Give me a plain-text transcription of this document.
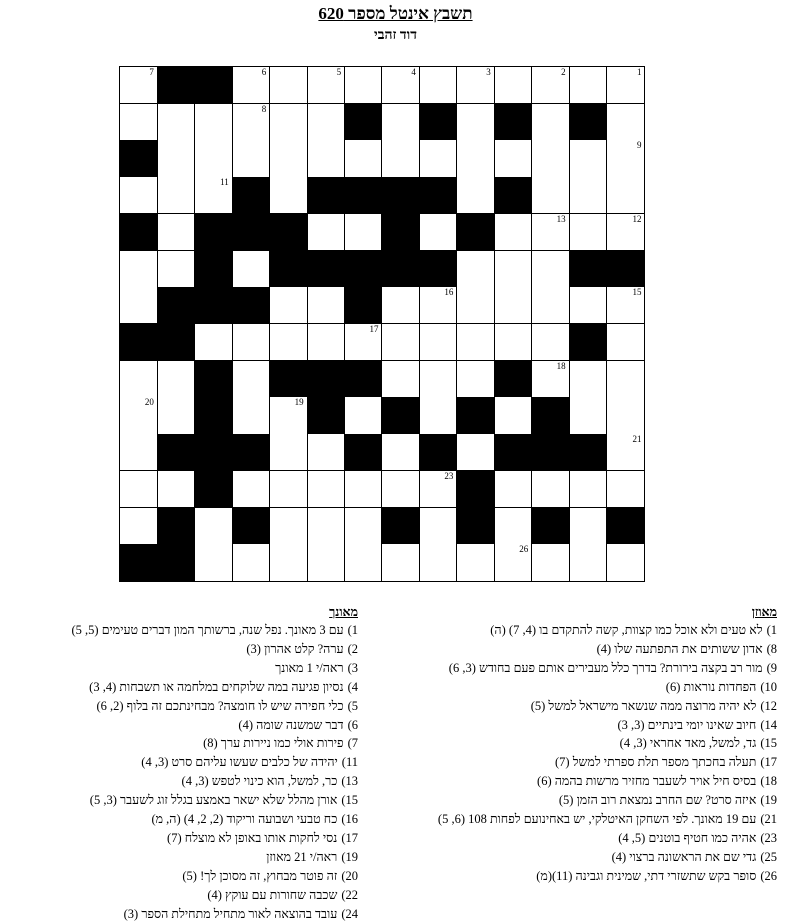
תשבץ אינטל מספר 620
דוד זהבי
1
2
3
4
5
6
7
8
9
11
12
13
15
16
17
18
19
20
21
23
26
מאוזן
1)לא טעים ולא אוכל כמו קצוות, קשה להתקדם בו (4, 7) (ה)
8)אדון ששותים את התפתעה שלו (4)
9)מור רב בקצה בירורת? בדרך כלל מעבירים אותם פעם בחודש (3, 6)
10)הפחדות נוראות (6)
12)לא יהיה מרוצה ממה שנשאר מישראל למשל (5)
14)חיוב שאינו יומי בינתיים (3, 3)
15)גד, למשל, מאד אחראי (3, 4)
17)תעלה בחכתך מספר תלת ספרתי למשל (7)
18)בסיס חיל אויר לשעבר מחזיר מרשות בהמה (6)
19)איזה סרט? שם החרב נמצאת רוב הזמן (5)
21)עם 19 מאונך. לפי השחקן האיטלקי, יש באחינועם לפחות 108 (6, 5)
23)אהיה כמו חטיף בוטנים (5, 4)
25)גדי שם את הראשונה ברצוי (4)
26)סופר בקש שתשזרי דתי, שמינית וגבינה (11)(מ)
מאונך
1)עם 3 מאונך. נפל שנה, ברשותך המון דברים טעימים (5, 5)
2)ערה? קלט אהרון (3)
3)ראה/י 1 מאונך
4)נסיון פגיעה במה שלוקחים במלחמה או תשבחות (4, 3)
5)כלי חפירה שיש לו חומצה? מבחינתכם זה בלוף (2, 6)
6)דבר שמשנה שומה (4)
7)פירות אולי כמו ניירות ערך (8)
11)יהידה של כלבים שעשו עליהם סרט (3, 4)
13)כר, למשל, הוא כינוי לטפש (3, 4)
15)אורן מהלל שלא ישאר באמצע בגלל זוג לשעבר (3, 5)
16)כח טבעי ושבועה וריקוד (2, 2, 4) (ה, מ)
17)נסי לחקות אותו באופן לא מוצלח (7)
19)ראה/י 21 מאוזן
20)זה פוטר מבחוץ, זה מסוכן לך! (5)
22)שכבה שחורות עם עוקץ (4)
24)עובד בהוצאה לאור מתחיל מתחילת הספר (3)
